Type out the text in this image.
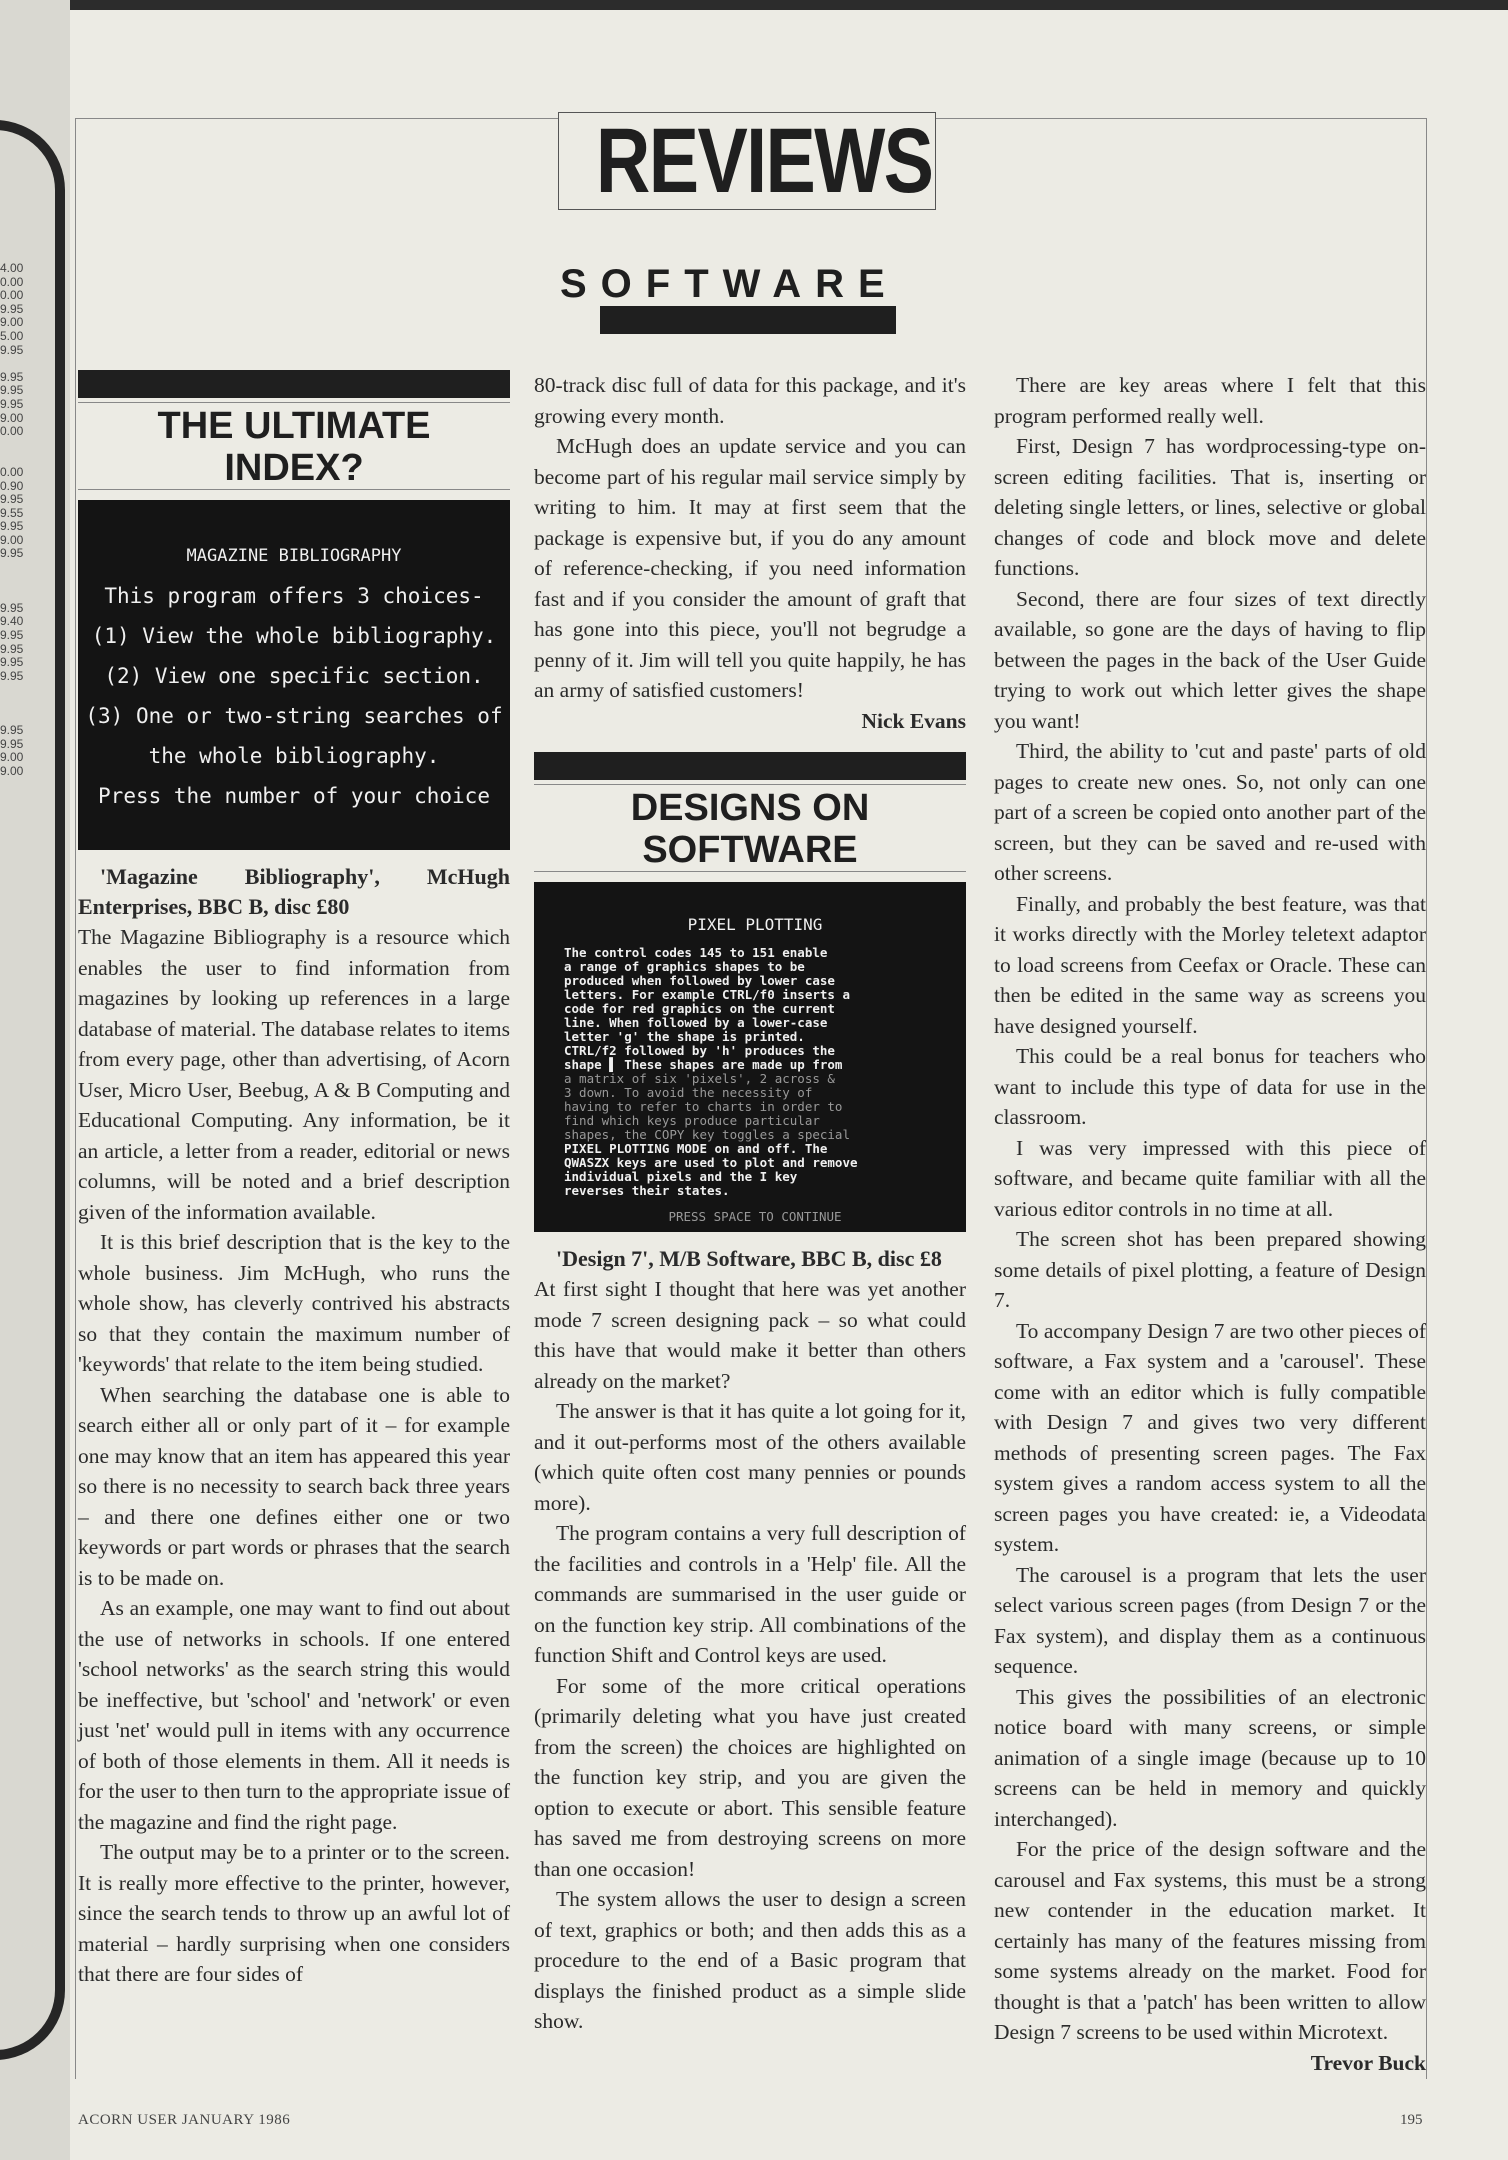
4.00
0.00
0.00
9.95
9.00
5.00
9.95

9.95
9.95
9.95
9.00
0.00

0.00
0.90
9.95
9.55
9.95
9.00
9.95

9.95
9.40
9.95
9.95
9.95
9.95

9.95
9.95
9.00
9.00
REVIEWS
SOFTWARE
THE ULTIMATE
INDEX?
MAGAZINE BIBLIOGRAPHY
This program offers 3 choices-
(1) View the whole bibliography.
(2) View one specific section.
(3) One or two-string searches of
the whole bibliography.
Press the number of your choice

'Magazine Bibliography', McHugh Enterprises, BBC B, disc £80

The Magazine Bibliography is a resource which enables the user to find information from magazines by looking up references in a large database of material. The database relates to items from every page, other than advertising, of Acorn User, Micro User, Beebug, A & B Computing and Educational Computing. Any information, be it an article, a letter from a reader, editorial or news columns, will be noted and a brief description given of the information available.

It is this brief description that is the key to the whole business. Jim McHugh, who runs the whole show, has cleverly contrived his abstracts so that they contain the maximum number of 'keywords' that relate to the item being studied.

When searching the database one is able to search either all or only part of it – for example one may know that an item has appeared this year so there is no necessity to search back three years – and there one defines either one or two keywords or part words or phrases that the search is to be made on.

As an example, one may want to find out about the use of networks in schools. If one entered 'school networks' as the search string this would be ineffective, but 'school' and 'network' or even just 'net' would pull in items with any occurrence of both of those elements in them. All it needs is for the user to then turn to the appropriate issue of the magazine and find the right page.

The output may be to a printer or to the screen. It is really more effective to the printer, however, since the search tends to throw up an awful lot of material – hardly surprising when one considers that there are four sides of

80-track disc full of data for this package, and it's growing every month.

McHugh does an update service and you can become part of his regular mail service simply by writing to him. It may at first seem that the package is expensive but, if you do any amount of reference-checking, if you need information fast and if you consider the amount of graft that has gone into this piece, you'll not begrudge a penny of it. Jim will tell you quite happily, he has an army of satisfied customers!

Nick Evans

DESIGNS ON
SOFTWARE
PIXEL PLOTTING
The control codes 145 to 151 enable
a range of graphics shapes to be
produced when followed by lower case
letters. For example CTRL/f0 inserts a
code for red graphics on the current
line. When followed by a lower-case
letter 'g' the shape is printed.
CTRL/f2 followed by 'h' produces the
shape ▌ These shapes are made up from
a matrix of six 'pixels', 2 across &
3 down. To avoid the necessity of
having to refer to charts in order to
find which keys produce particular
shapes, the COPY key toggles a special
PIXEL PLOTTING MODE on and off. The
QWASZX keys are used to plot and remove
individual pixels and the I key
reverses their states.
PRESS SPACE TO CONTINUE

'Design 7', M/B Software, BBC B, disc £8

At first sight I thought that here was yet another mode 7 screen designing pack – so what could this have that would make it better than others already on the market?

The answer is that it has quite a lot going for it, and it out-performs most of the others available (which quite often cost many pennies or pounds more).

The program contains a very full description of the facilities and controls in a 'Help' file. All the commands are summarised in the user guide or on the function key strip. All combinations of the function Shift and Control keys are used.

For some of the more critical operations (primarily deleting what you have just created from the screen) the choices are highlighted on the function key strip, and you are given the option to execute or abort. This sensible feature has saved me from destroying screens on more than one occasion!

The system allows the user to design a screen of text, graphics or both; and then adds this as a procedure to the end of a Basic program that displays the finished product as a simple slide show.

There are key areas where I felt that this program performed really well.

First, Design 7 has wordprocessing-type on-screen editing facilities. That is, inserting or deleting single letters, or lines, selective or global changes of code and block move and delete functions.

Second, there are four sizes of text directly available, so gone are the days of having to flip between the pages in the back of the User Guide trying to work out which letter gives the shape you want!

Third, the ability to 'cut and paste' parts of old pages to create new ones. So, not only can one part of a screen be copied onto another part of the screen, but they can be saved and re-used with other screens.

Finally, and probably the best feature, was that it works directly with the Morley teletext adaptor to load screens from Ceefax or Oracle. These can then be edited in the same way as screens you have designed yourself.

This could be a real bonus for teachers who want to include this type of data for use in the classroom.

I was very impressed with this piece of software, and became quite familiar with all the various editor controls in no time at all.

The screen shot has been prepared showing some details of pixel plotting, a feature of Design 7.

To accompany Design 7 are two other pieces of software, a Fax system and a 'carousel'. These come with an editor which is fully compatible with Design 7 and gives two very different methods of presenting screen pages. The Fax system gives a random access system to all the screen pages you have created: ie, a Videodata system.

The carousel is a program that lets the user select various screen pages (from Design 7 or the Fax system), and display them as a continuous sequence.

This gives the possibilities of an electronic notice board with many screens, or simple animation of a single image (because up to 10 screens can be held in memory and quickly interchanged).

For the price of the design software and the carousel and Fax systems, this must be a strong new contender in the education market. It certainly has many of the features missing from some systems already on the market. Food for thought is that a 'patch' has been written to allow Design 7 screens to be used within Microtext.

Trevor Buck

ACORN USER JANUARY 1986	195
